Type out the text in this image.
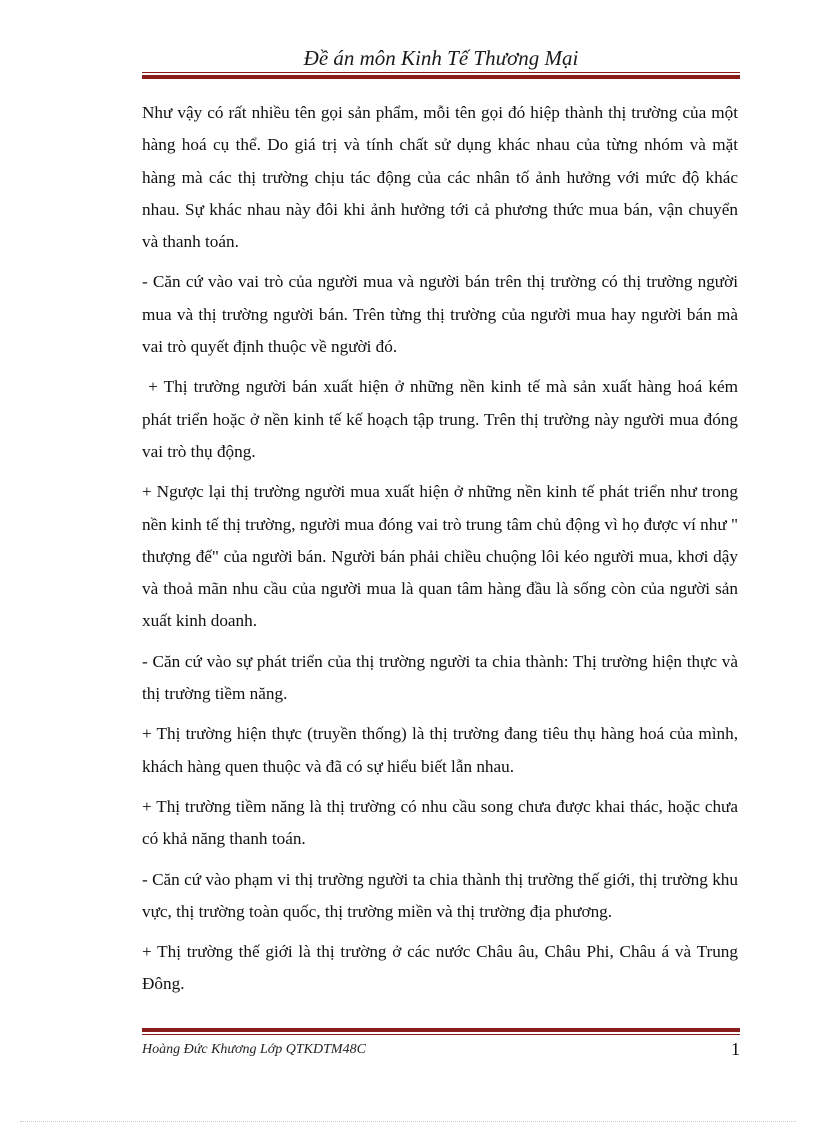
Đề án môn Kinh Tế Thương Mại

Như vậy có rất nhiều tên gọi sản phẩm, mỗi tên gọi đó hiệp thành thị trường của một hàng hoá cụ thể. Do giá trị và tính chất sử dụng khác nhau của từng nhóm và mặt hàng mà các thị trường chịu tác động của các nhân tố ảnh hưởng với mức độ khác nhau. Sự khác nhau này đôi khi ảnh hưởng tới cả phương thức mua bán, vận chuyển và thanh toán.

- Căn cứ vào vai trò của người mua và người bán trên thị trường có thị trường người mua và thị trường người bán. Trên từng thị trường của người mua hay người bán mà vai trò quyết định thuộc về người đó.

+ Thị trường người bán xuất hiện ở những nền kinh tế mà sản xuất hàng hoá kém phát triển hoặc ở nền kinh tế kế hoạch tập trung. Trên thị trường này người mua đóng vai trò thụ động.

+ Ngược lại thị trường người mua xuất hiện ở những nền kinh tế phát triển như trong nền kinh tế thị trường, người mua đóng vai trò trung tâm chủ động vì họ được ví như " thượng đế" của người bán. Người bán phải chiều chuộng lôi kéo người mua, khơi dậy và thoả mãn nhu cầu của người mua là quan tâm hàng đầu là sống còn của người sản xuất kinh doanh.

- Căn cứ vào sự phát triển của thị trường người ta chia thành: Thị trường hiện thực và thị trường tiềm năng.

+ Thị trường hiện thực (truyền thống) là thị trường đang tiêu thụ hàng hoá của mình, khách hàng quen thuộc và đã có sự hiểu biết lẫn nhau.

+ Thị trường tiềm năng là thị trường có nhu cầu song chưa được khai thác, hoặc chưa có khả năng thanh toán.

- Căn cứ vào phạm vi thị trường người ta chia thành thị trường thế giới, thị trường khu vực, thị trường toàn quốc, thị trường miền và thị trường địa phương.

+ Thị trường thế giới là thị trường ở các nước Châu âu, Châu Phi, Châu á và Trung Đông.

Hoàng Đức Khương Lớp QTKDTM48C	1
